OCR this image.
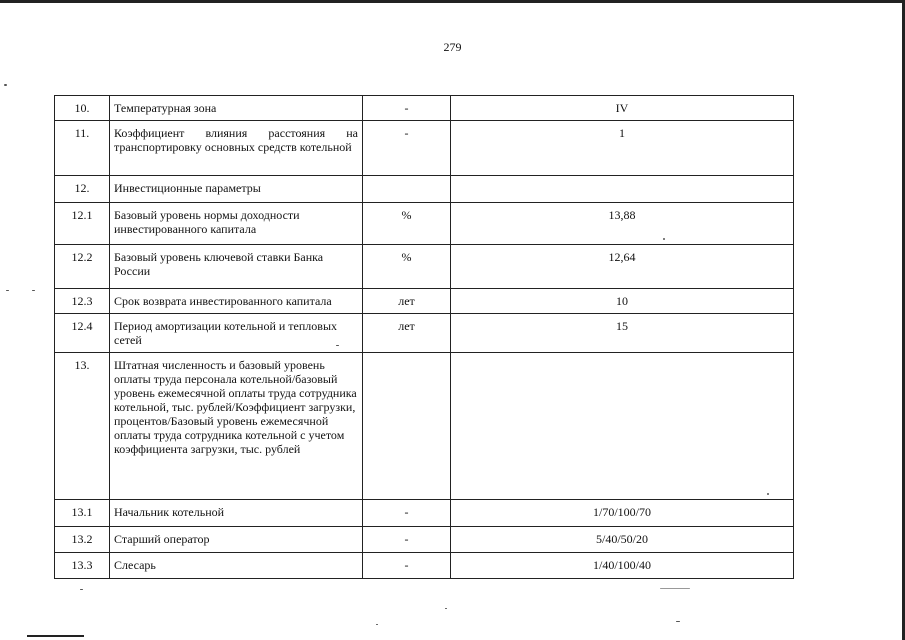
279
10.	Температурная зона	-	IV
11.	Коэффициент влияния расстояния на транспортировку основных средств котельной	-	1
12.	Инвестиционные параметры		
12.1	Базовый уровень нормы доходности инвестированного капитала	%	13,88
12.2	Базовый уровень ключевой ставки Банка России	%	12,64
12.3	Срок возврата инвестированного капитала	лет	10
12.4	Период амортизации котельной и тепловых сетей	лет	15
13.	Штатная численность и базовый уровень оплаты труда персонала котельной/базовый уровень ежемесячной оплаты труда сотрудника котельной, тыс. рублей/Коэффициент загрузки, процентов/Базовый уровень ежемесячной оплаты труда сотрудника котельной с учетом коэффициента загрузки, тыс. рублей		
13.1	Начальник котельной	-	1/70/100/70
13.2	Старший оператор	-	5/40/50/20
13.3	Слесарь	-	1/40/100/40
